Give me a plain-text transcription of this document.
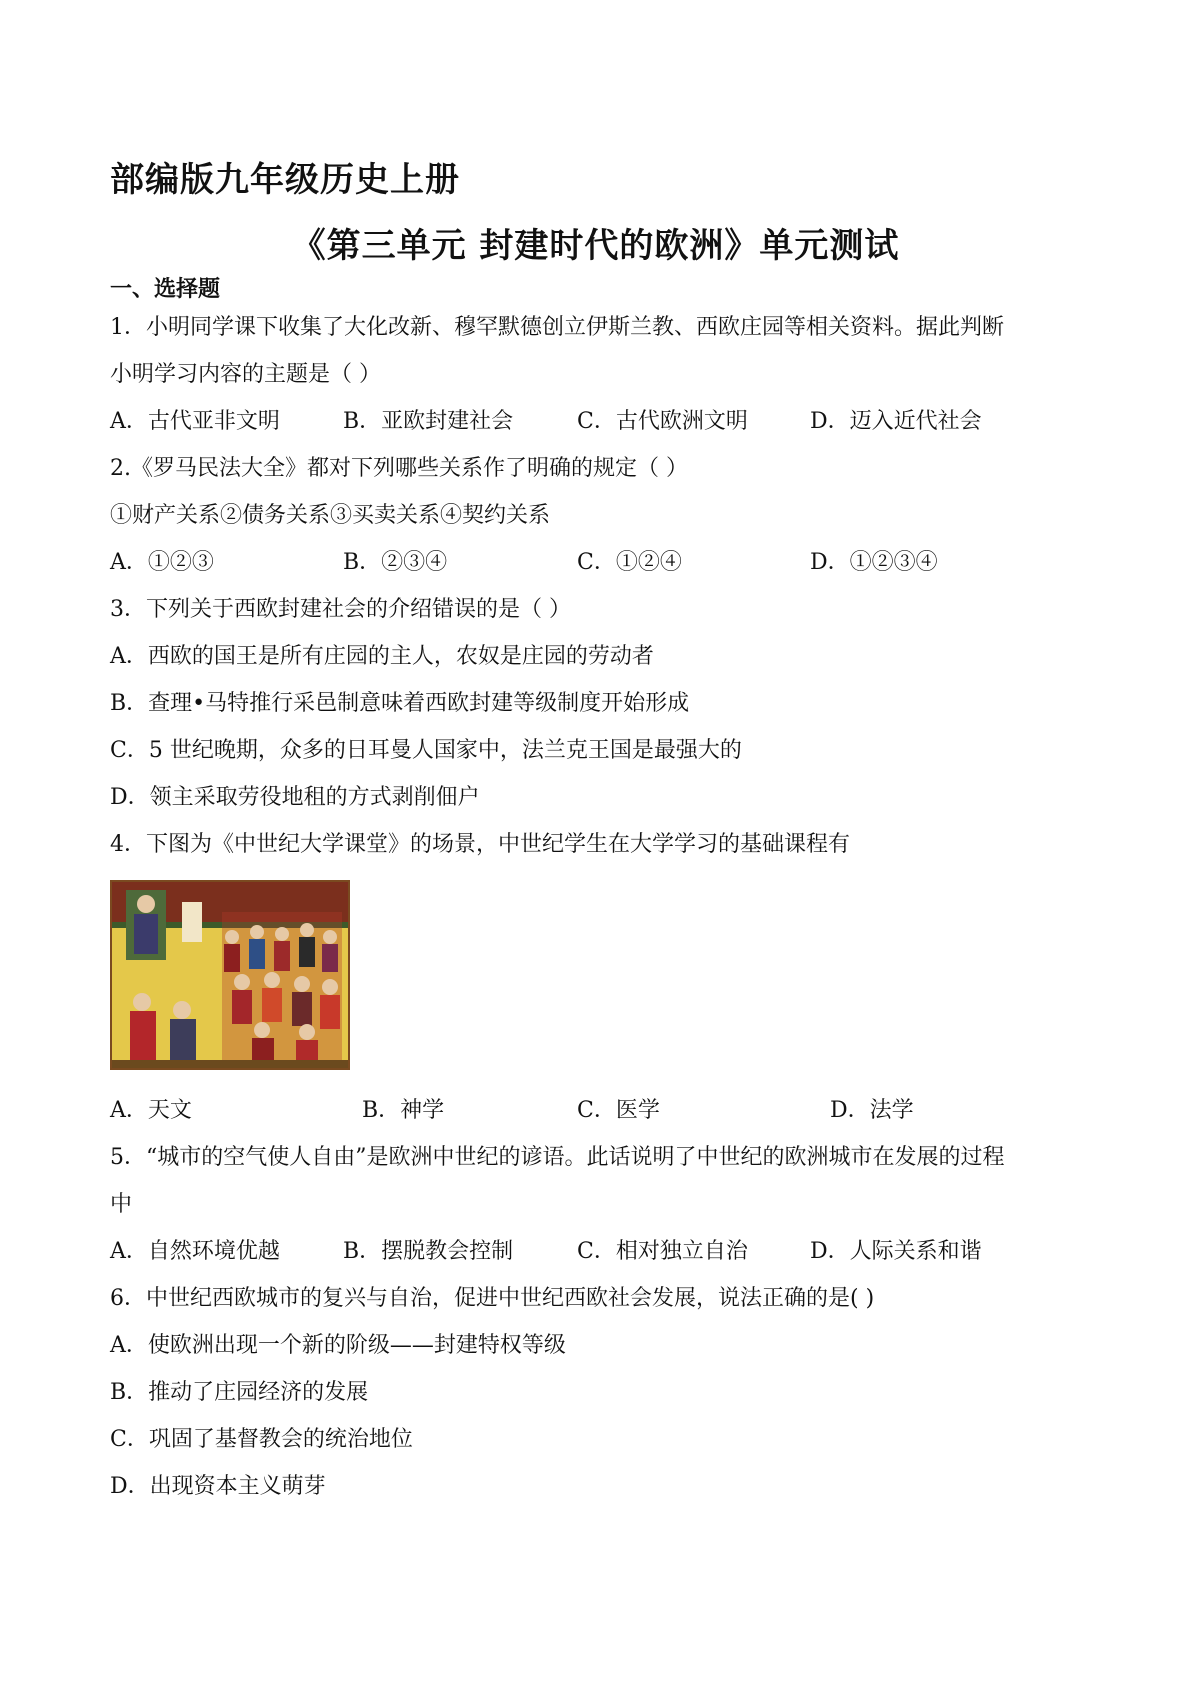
部编版九年级历史上册
《第三单元 封建时代的欧洲》单元测试
一、选择题
1．小明同学课下收集了大化改新、穆罕默德创立伊斯兰教、西欧庄园等相关资料。据此判断
小明学习内容的主题是（ ）
A．古代亚非文明	B．亚欧封建社会	C．古代欧洲文明	D．迈入近代社会
2.《罗马民法大全》都对下列哪些关系作了明确的规定（ ）
①财产关系②债务关系③买卖关系④契约关系
A．①②③	B．②③④	C．①②④	D．①②③④
3．下列关于西欧封建社会的介绍错误的是（ ）
A．西欧的国王是所有庄园的主人，农奴是庄园的劳动者
B．查理•马特推行采邑制意味着西欧封建等级制度开始形成
C．5 世纪晚期，众多的日耳曼人国家中，法兰克王国是最强大的
D．领主采取劳役地租的方式剥削佃户
4．下图为《中世纪大学课堂》的场景，中世纪学生在大学学习的基础课程有
A．天文	B．神学	C．医学	D．法学
5．“城市的空气使人自由”是欧洲中世纪的谚语。此话说明了中世纪的欧洲城市在发展的过程
中
A．自然环境优越	B．摆脱教会控制	C．相对独立自治	D．人际关系和谐
6．中世纪西欧城市的复兴与自治，促进中世纪西欧社会发展，说法正确的是( )
A．使欧洲出现一个新的阶级——封建特权等级
B．推动了庄园经济的发展
C．巩固了基督教会的统治地位
D．出现资本主义萌芽
